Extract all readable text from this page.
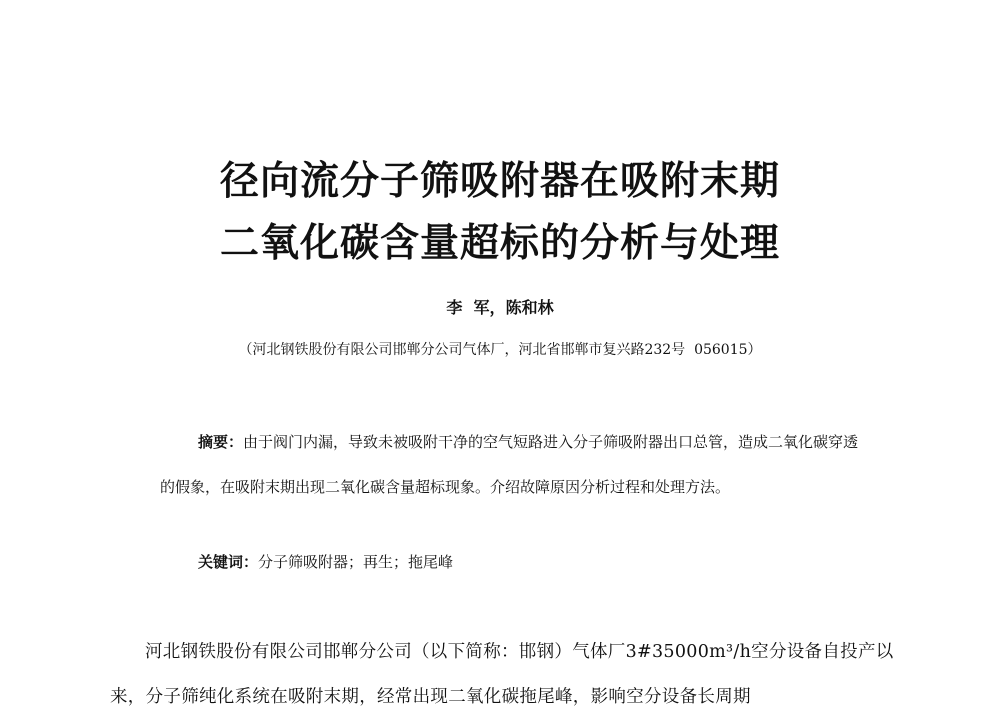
径向流分子筛吸附器在吸附末期
二氧化碳含量超标的分析与处理
李  军，陈和林
（河北钢铁股份有限公司邯郸分公司气体厂，河北省邯郸市复兴路232号  056015）
摘要：由于阀门内漏，导致未被吸附干净的空气短路进入分子筛吸附器出口总管，造成二氧化碳穿透的假象，在吸附末期出现二氧化碳含量超标现象。介绍故障原因分析过程和处理方法。
关键词：分子筛吸附器；再生；拖尾峰
河北钢铁股份有限公司邯郸分公司（以下简称：邯钢）气体厂3#35000m³/h空分设备自投产以来，分子筛纯化系统在吸附末期，经常出现二氧化碳拖尾峰，影响空分设备长周期
